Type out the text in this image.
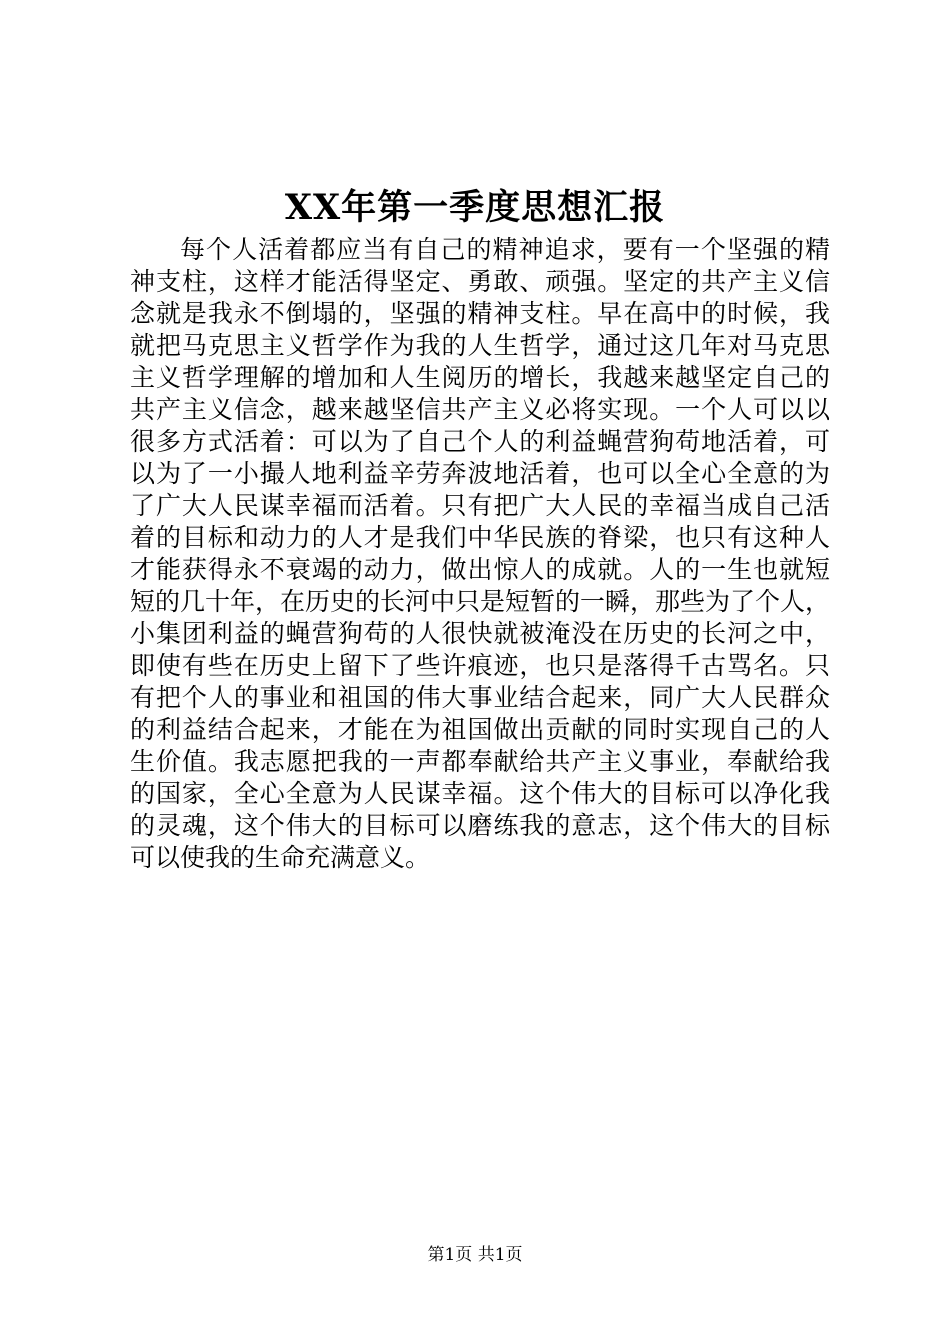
XX年第一季度思想汇报
每个人活着都应当有自己的精神追求，要有一个坚强的精
神支柱，这样才能活得坚定、勇敢、顽强。坚定的共产主义信
念就是我永不倒塌的，坚强的精神支柱。早在高中的时候，我
就把马克思主义哲学作为我的人生哲学，通过这几年对马克思
主义哲学理解的增加和人生阅历的增长，我越来越坚定自己的
共产主义信念，越来越坚信共产主义必将实现。一个人可以以
很多方式活着：可以为了自己个人的利益蝇营狗苟地活着，可
以为了一小撮人地利益辛劳奔波地活着，也可以全心全意的为
了广大人民谋幸福而活着。只有把广大人民的幸福当成自己活
着的目标和动力的人才是我们中华民族的脊梁，也只有这种人
才能获得永不衰竭的动力，做出惊人的成就。人的一生也就短
短的几十年，在历史的长河中只是短暂的一瞬，那些为了个人，
小集团利益的蝇营狗苟的人很快就被淹没在历史的长河之中，
即使有些在历史上留下了些许痕迹，也只是落得千古骂名。只
有把个人的事业和祖国的伟大事业结合起来，同广大人民群众
的利益结合起来，才能在为祖国做出贡献的同时实现自己的人
生价值。我志愿把我的一声都奉献给共产主义事业，奉献给我
的国家，全心全意为人民谋幸福。这个伟大的目标可以净化我
的灵魂，这个伟大的目标可以磨练我的意志，这个伟大的目标
可以使我的生命充满意义。
第1页 共1页
